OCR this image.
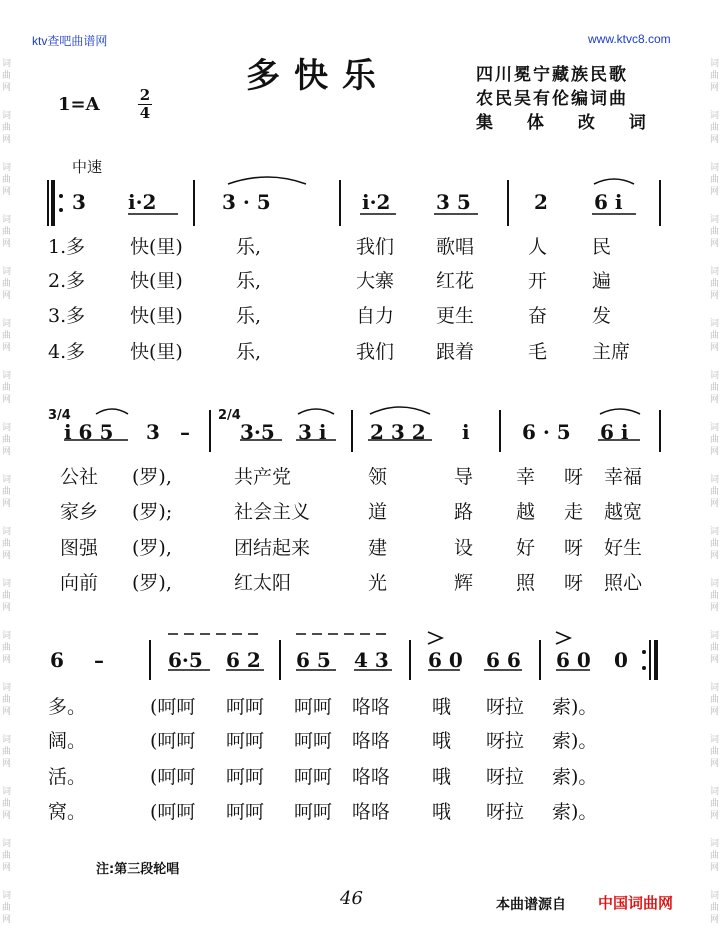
词
曲
网
词
曲
网
词
曲
网
词
曲
网
词
曲
网
词
曲
网
词
曲
网
词
曲
网
词
曲
网
词
曲
网
词
曲
网
词
曲
网
词
曲
网
词
曲
网
词
曲
网
词
曲
网
词
曲
网
词
曲
网
词
曲
网
词
曲
网
词
曲
网
词
曲
网
词
曲
网
词
曲
网
词
曲
网
词
曲
网
词
曲
网
词
曲
网
词
曲
网
词
曲
网
词
曲
网
词
曲
网
词
曲
网
词
曲
网
ktv查吧曲谱网	www.ktvc8.com
多快乐	四川冕宁藏族民歌
农民吴有伦编词曲
集 体 改 词
1=A	2
4
中速
3 i·2	3 · 5	i·2 3 5	2 6 i
1.多 快(里)	乐,	我们 歌唱	人 民
2.多 快(里)	乐,	大寨 红花	开 遍
3.多 快(里)	乐,	自力 更生	奋 发
4.多 快(里)	乐,	我们 跟着	毛 主席
3/4	2/4
i 6 5 3 –	3·5 3 i 2 3 2 i	6 · 5 6 i
公社 (罗),	共产党	领	导 幸 呀 幸福
家乡 (罗);	社会主义	道	路 越 走 越宽
图强 (罗),	团结起来	建	设 好 呀 好生
向前 (罗),	红太阳	光	辉 照 呀 照心
6 –	6·5 6 2 6 5 4 3 6 0 6 6 6 0 0
多。	(呵呵 呵呵 呵呵 咯咯 哦 呀拉 索)。
阔。	(呵呵 呵呵 呵呵 咯咯 哦 呀拉 索)。
活。	(呵呵 呵呵 呵呵 咯咯 哦 呀拉 索)。
窝。	(呵呵 呵呵 呵呵 咯咯 哦 呀拉 索)。
注:第三段轮唱
46	本曲谱源自 中国词曲网
